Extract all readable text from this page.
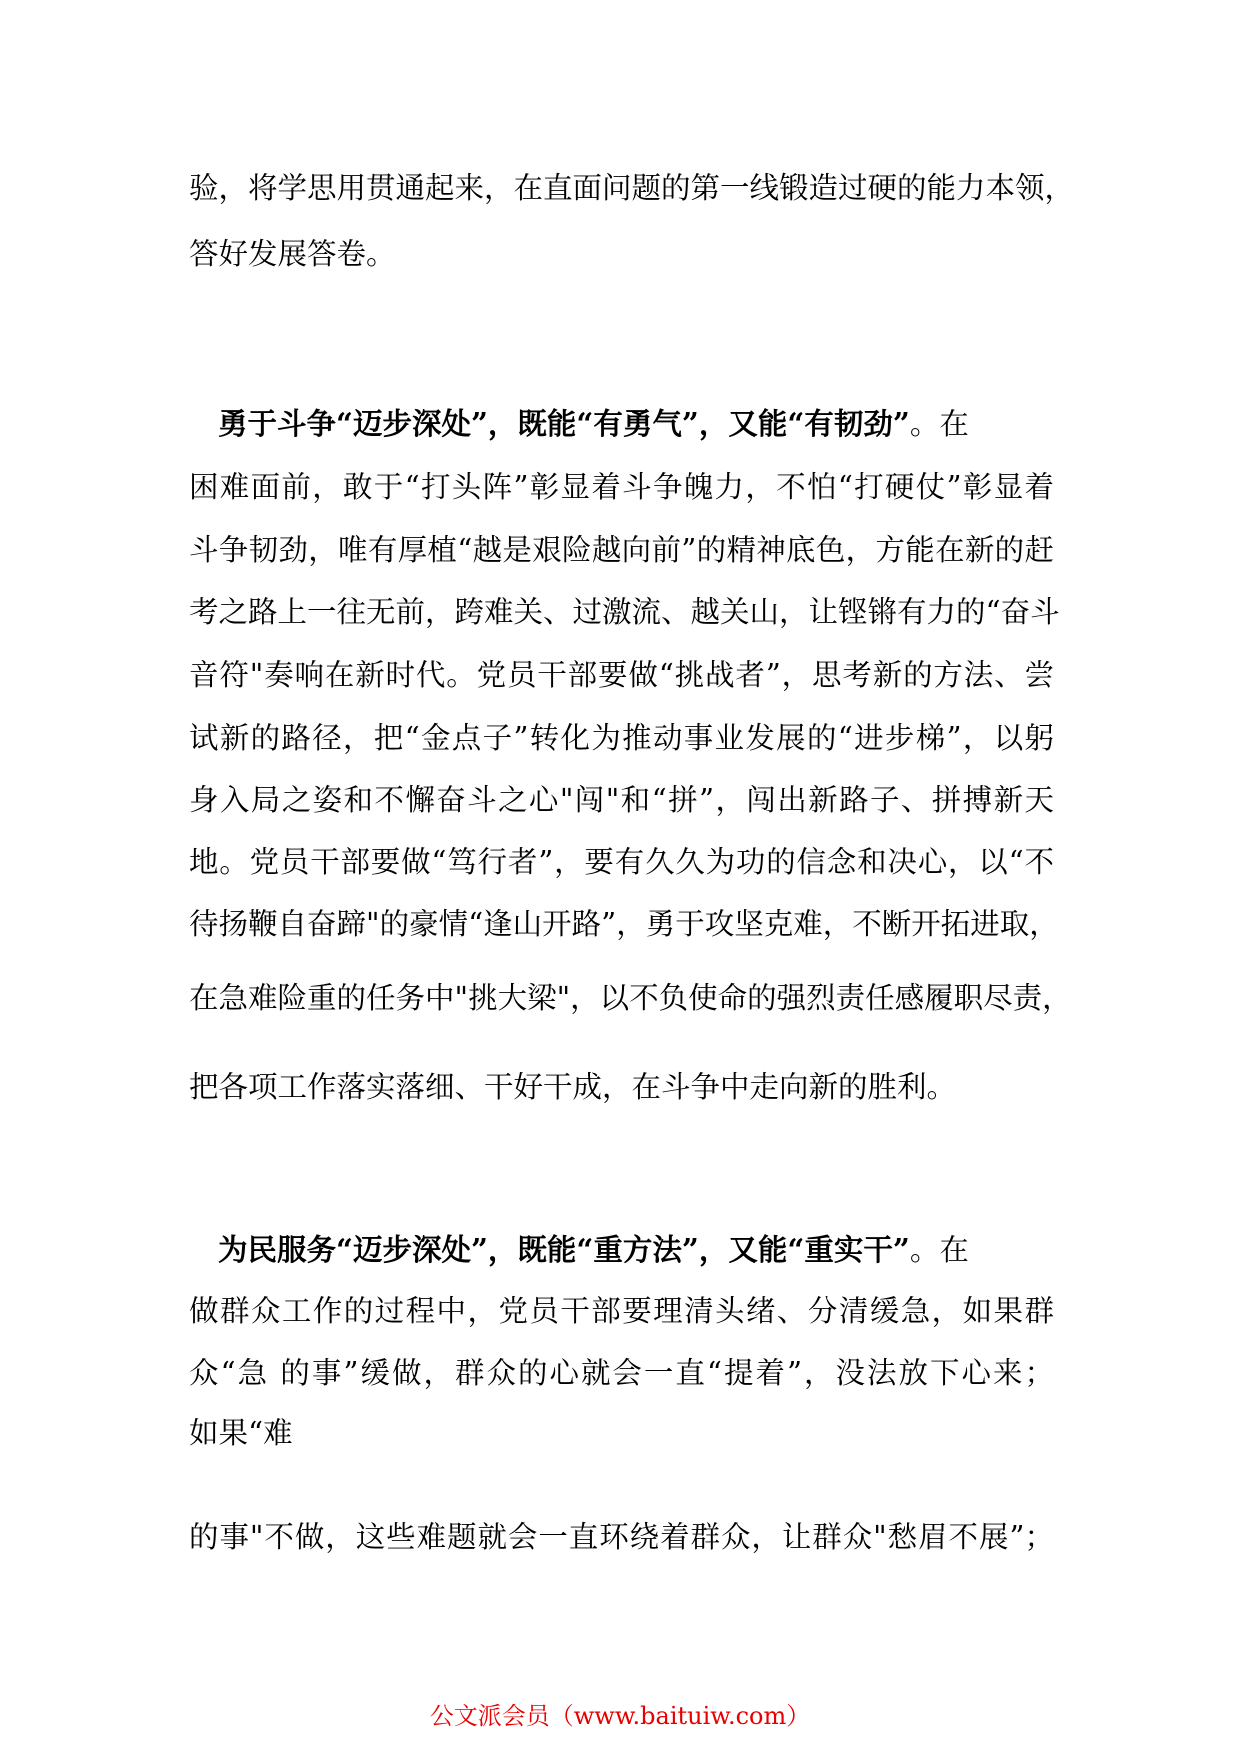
验，将学思用贯通起来，在直面问题的第一线锻造过硬的能力本领，

答好发展答卷。

勇于斗争“迈步深处”，既能“有勇气”，又能“有韧劲”。在

困难面前，敢于“打头阵”彰显着斗争魄力，不怕“打硬仗”彰显着

斗争韧劲，唯有厚植“越是艰险越向前”的精神底色，方能在新的赶

考之路上一往无前，跨难关、过激流、越关山，让铿锵有力的“奋斗

音符"奏响在新时代。党员干部要做“挑战者”，思考新的方法、尝

试新的路径，把“金点子”转化为推动事业发展的“进步梯”，以躬

身入局之姿和不懈奋斗之心"闯"和“拼”，闯出新路子、拼搏新天

地。党员干部要做“笃行者”，要有久久为功的信念和决心，以“不

待扬鞭自奋蹄"的豪情“逢山开路”，勇于攻坚克难，不断开拓进取，

在急难险重的任务中"挑大梁"，以不负使命的强烈责任感履职尽责，

把各项工作落实落细、干好干成，在斗争中走向新的胜利。

为民服务“迈步深处”，既能“重方法”，又能“重实干”。在

做群众工作的过程中，党员干部要理清头绪、分清缓急，如果群

众“急 的事”缓做，群众的心就会一直“提着”，没法放下心来；

如果“难

的事"不做，这些难题就会一直环绕着群众，让群众"愁眉不展”；

公文派会员（www.baituiw.com）
